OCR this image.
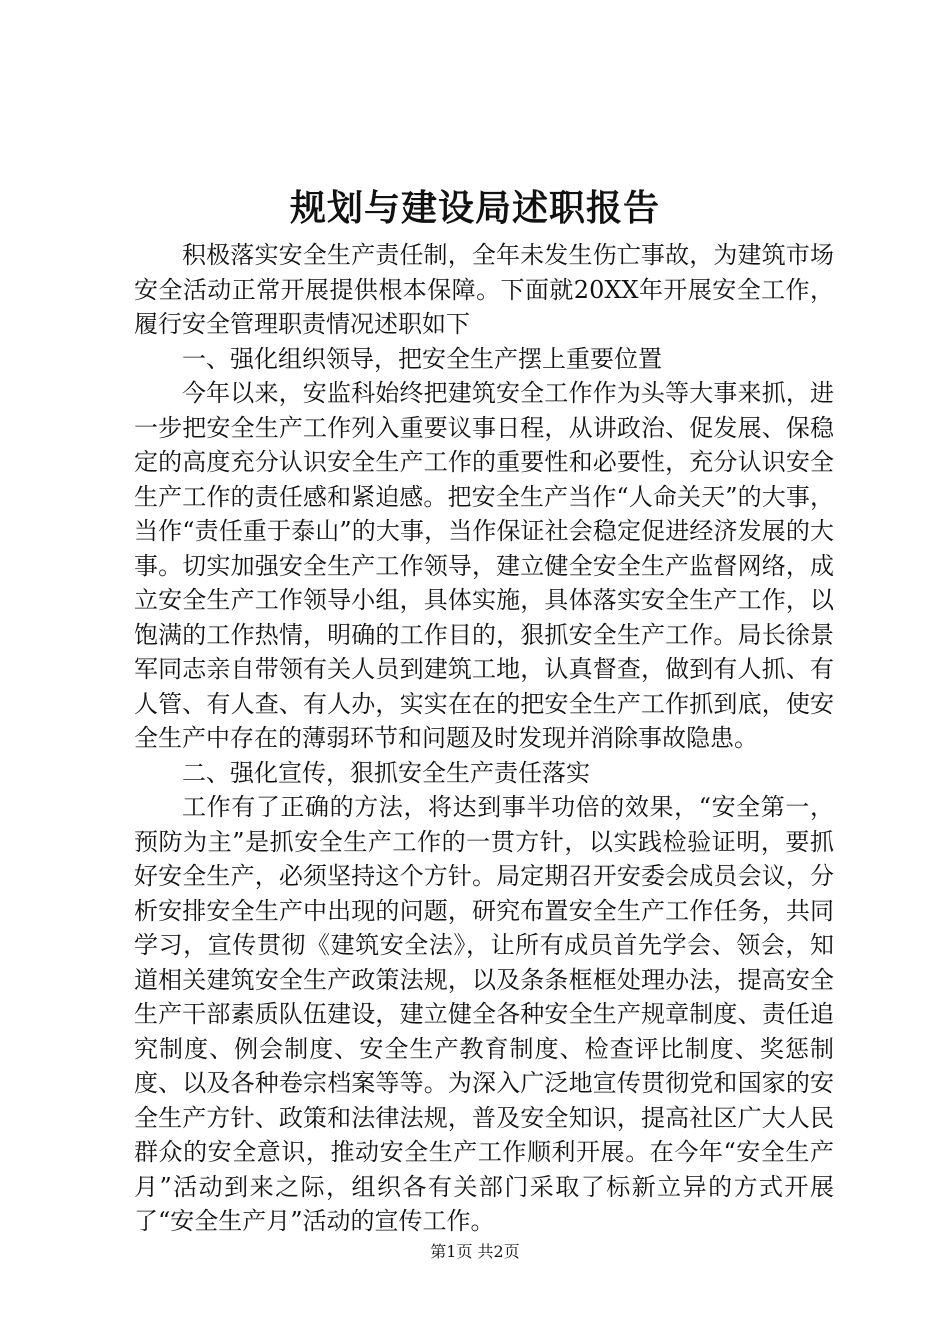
规划与建设局述职报告

积极落实安全生产责任制，全年未发生伤亡事故，为建筑市场安全活动正常开展提供根本保障。下面就20XX年开展安全工作，履行安全管理职责情况述职如下

一、强化组织领导，把安全生产摆上重要位置

今年以来，安监科始终把建筑安全工作作为头等大事来抓，进一步把安全生产工作列入重要议事日程，从讲政治、促发展、保稳定的高度充分认识安全生产工作的重要性和必要性，充分认识安全生产工作的责任感和紧迫感。把安全生产当作“人命关天”的大事，当作“责任重于泰山”的大事，当作保证社会稳定促进经济发展的大事。切实加强安全生产工作领导，建立健全安全生产监督网络，成立安全生产工作领导小组，具体实施，具体落实安全生产工作，以饱满的工作热情，明确的工作目的，狠抓安全生产工作。局长徐景军同志亲自带领有关人员到建筑工地，认真督查，做到有人抓、有人管、有人查、有人办，实实在在的把安全生产工作抓到底，使安全生产中存在的薄弱环节和问题及时发现并消除事故隐患。

二、强化宣传，狠抓安全生产责任落实

工作有了正确的方法，将达到事半功倍的效果，“安全第一，预防为主”是抓安全生产工作的一贯方针，以实践检验证明，要抓好安全生产，必须坚持这个方针。局定期召开安委会成员会议，分析安排安全生产中出现的问题，研究布置安全生产工作任务，共同学习，宣传贯彻《建筑安全法》，让所有成员首先学会、领会，知道相关建筑安全生产政策法规，以及条条框框处理办法，提高安全生产干部素质队伍建设，建立健全各种安全生产规章制度、责任追究制度、例会制度、安全生产教育制度、检查评比制度、奖惩制度、以及各种卷宗档案等等。为深入广泛地宣传贯彻党和国家的安全生产方针、政策和法律法规，普及安全知识，提高社区广大人民群众的安全意识，推动安全生产工作顺利开展。在今年“安全生产月”活动到来之际，组织各有关部门采取了标新立异的方式开展了“安全生产月”活动的宣传工作。

第1页 共2页
